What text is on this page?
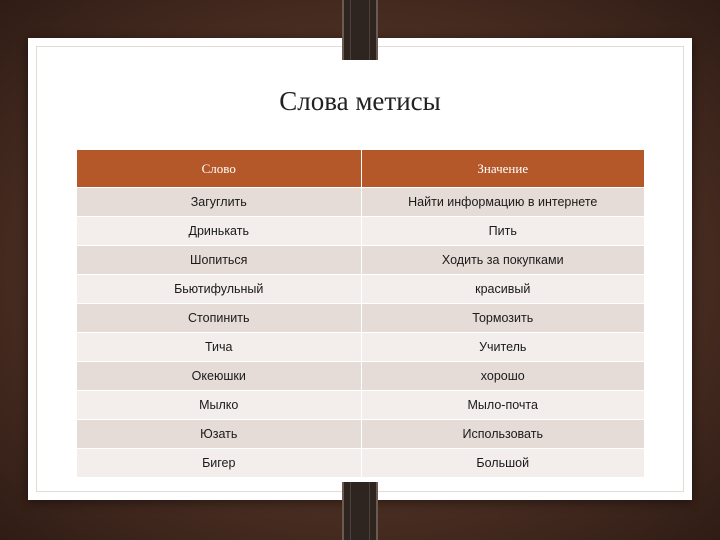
Слова метисы
Слово	Значение
Загуглить	Найти информацию в интернете
Дринькать	Пить
Шопиться	Ходить за покупками
Бьютифульный	красивый
Стопинить	Тормозить
Тича	Учитель
Океюшки	хорошо
Мылко	Мыло-почта
Юзать	Использовать
Бигер	Большой
